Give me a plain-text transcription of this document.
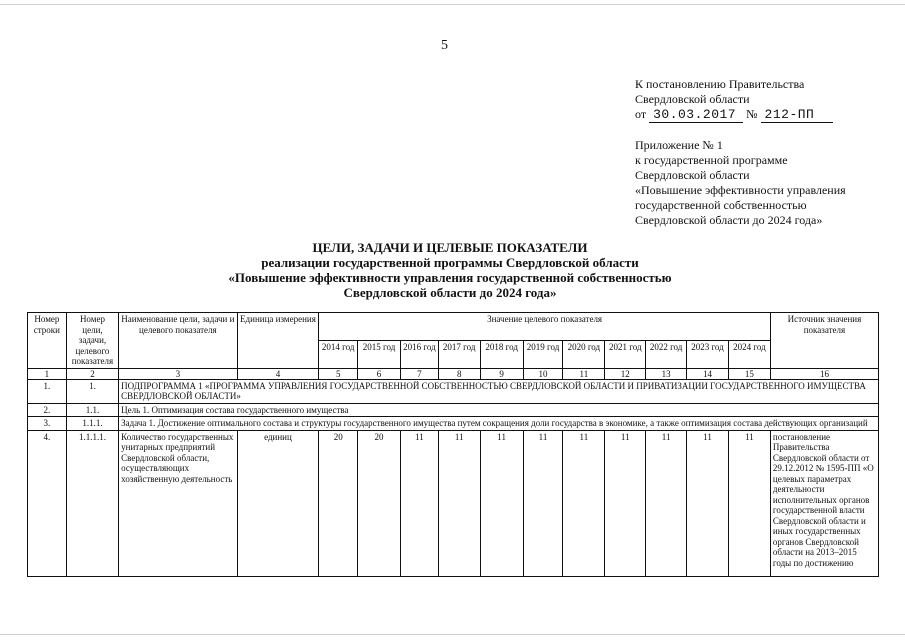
5
К постановлению Правительства
Свердловской области
от 30.03.2017 № 212-ПП
Приложение № 1
к государственной программе
Свердловской области
«Повышение эффективности управления
государственной собственностью
Свердловской области до 2024 года»
ЦЕЛИ, ЗАДАЧИ И ЦЕЛЕВЫЕ ПОКАЗАТЕЛИ
реализации государственной программы Свердловской области
«Повышение эффективности управления государственной собственностью
Свердловской области до 2024 года»
Номер строки	Номер цели, задачи, целевого показателя	Наименование цели, задачи и целевого показателя	Единица измерения	Значение целевого показателя											Источник значения показателя
				2014 год	2015 год	2016 год	2017 год	2018 год	2019 год	2020 год	2021 год	2022 год	2023 год	2024 год	
1	2	3	4	5	6	7	8	9	10	11	12	13	14	15	16
1.	1.	ПОДПРОГРАММА 1 «ПРОГРАММА УПРАВЛЕНИЯ ГОСУДАРСТВЕННОЙ СОБСТВЕННОСТЬЮ СВЕРДЛОВСКОЙ ОБЛАСТИ И ПРИВАТИЗАЦИИ ГОСУДАРСТВЕННОГО ИМУЩЕСТВА СВЕРДЛОВСКОЙ ОБЛАСТИ»													
2.	1.1.	Цель 1. Оптимизация состава государственного имущества													
3.	1.1.1.	Задача 1. Достижение оптимального состава и структуры государственного имущества путем сокращения доли государства в экономике, а также оптимизация состава действующих организаций													
4.	1.1.1.1.	Количество государственных унитарных предприятий Свердловской области, осуществляющих хозяйственную деятельность	единиц	20	20	11	11	11	11	11	11	11	11	11	постановление Правительства Свердловской области от 29.12.2012 № 1595-ПП «О целевых параметрах деятельности исполнительных органов государственной власти Свердловской области и иных государственных органов Свердловской области на 2013–2015 годы по достижению
